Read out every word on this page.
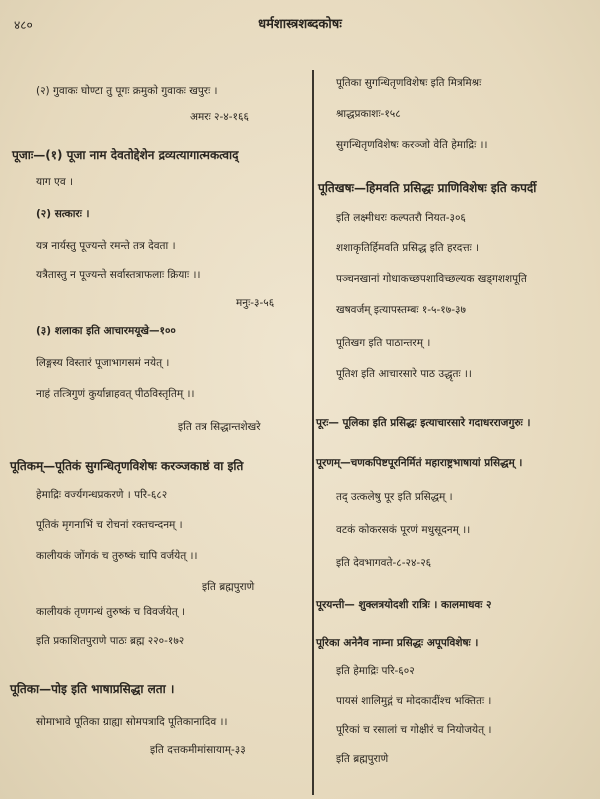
४८०	धर्मशास्त्रशब्दकोषः
(२) गुवाकः घोण्टा तु पूगः क्रमुको गुवाकः खपुरः ।
अमरः २-४-१६६
पूजाः—(१) पूजा नाम देवतोद्देशेन द्रव्यत्यागात्मकत्वाद्
याग एव ।
(२) सत्कारः ।
यत्र नार्यस्तु पूज्यन्ते रमन्ते तत्र देवता ।
यत्रैतास्तु न पूज्यन्ते सर्वास्तत्राफलाः क्रियाः ।।
मनुः-३-५६
(३) शलाका इति आचारमयूखे—१००
लिङ्गस्य विस्तारं पूजाभागसमं नयेत् ।
नाहं तत्त्रिगुणं कुर्यान्नाहवत् पीठविस्तृतिम् ।।
इति तत्र सिद्धान्तशेखरे
पूतिकम्—पूतिकं सुगन्धितृणविशेषः करञ्जकाष्ठं वा इति
हेमाद्रिः वर्ज्यगन्धप्रकरणे । परि-६८२
पूतिकं मृगनाभिं च रोचनां रक्तचन्दनम् ।
कालीयकं जोंगकं च तुरुष्कं चापि वर्जयेत् ।।
इति ब्रह्मपुराणे
कालीयकं तृणगन्धं तुरुष्कं च विवर्जयेत् ।
इति प्रकाशितपुराणे पाठः ब्रह्म २२०-१७२
पूतिका—पोइ इति भाषाप्रसिद्धा लता ।
सोमाभावे पूतिका ग्राह्या सोमपत्रादि पूतिकानादिव ।।
इति दत्तकमीमांसायाम्-३३
पूतिका सुगन्धितृणविशेषः इति मित्रमिश्रः
श्राद्धप्रकाशः-१५८
सुगन्धितृणविशेषः करञ्जो वेति हेमाद्रिः ।।
पूतिखषः—हिमवति प्रसिद्धः प्राणिविशेषः इति कपर्दी
इति लक्ष्मीधरः कल्पतरौ नियत-३०६
शशाकृतिर्हिमवति प्रसिद्ध इति हरदत्तः ।
पञ्चनखानां गोधाकच्छपशाविच्छल्यक खड्गशशपूति
खषवर्जम् इत्यापस्तम्बः १-५-१७-३७
पूतिखग इति पाठान्तरम् ।
पूतिश इति आचारसारे पाठ उद्धृतः ।।
पूरः— पूलिका इति प्रसिद्धः इत्याचारसारे गदाधरराजगुरुः ।
पूरणम्—चणकपिष्टपूरनिर्मितं महाराष्ट्रभाषायां प्रसिद्धम् ।
तद् उत्कलेषु पूर इति प्रसिद्धम् ।
वटकं कोकरसकं पूरणं मधुसूदनम् ।।
इति देवभागवते-८-२४-२६
पूरयन्ती— शुक्लत्रयोदशी रात्रिः । कालमाधवः २
पूरिका अनेनैव नाम्ना प्रसिद्धः अपूपविशेषः ।
इति हेमाद्रिः परि-६०२
पायसं शालिमुद्गं च मोदकादींश्च भक्तितः ।
पूरिकां च रसालां च गोक्षीरं च नियोजयेत् ।
इति ब्रह्मपुराणे
